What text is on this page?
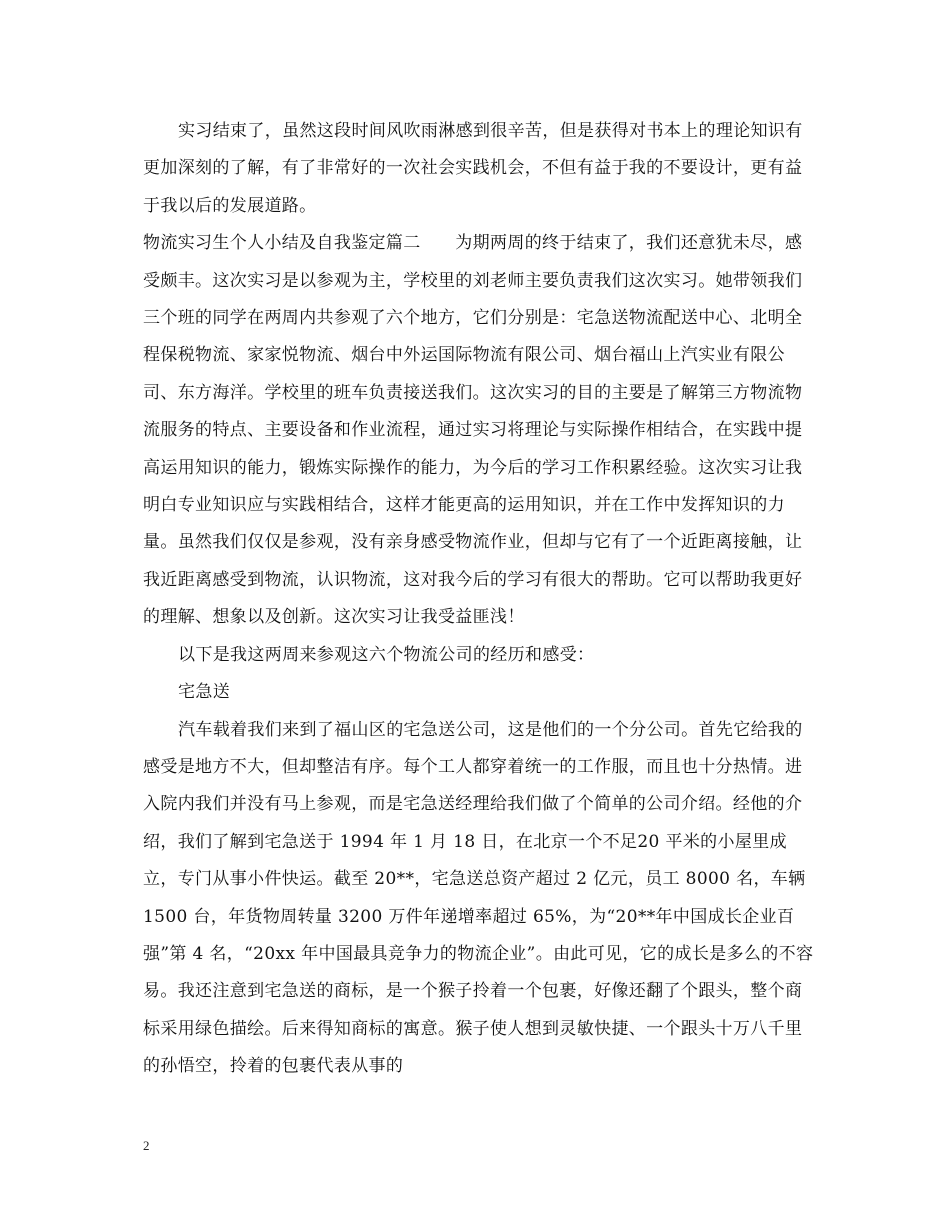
实习结束了，虽然这段时间风吹雨淋感到很辛苦，但是获得对书本上的理论知识有更加深刻的了解，有了非常好的一次社会实践机会，不但有益于我的不要设计，更有益于我以后的发展道路。

物流实习生个人小结及自我鉴定篇二　　为期两周的终于结束了，我们还意犹未尽，感受颇丰。这次实习是以参观为主，学校里的刘老师主要负责我们这次实习。她带领我们三个班的同学在两周内共参观了六个地方，它们分别是：宅急送物流配送中心、北明全程保税物流、家家悦物流、烟台中外运国际物流有限公司、烟台福山上汽实业有限公司、东方海洋。学校里的班车负责接送我们。这次实习的目的主要是了解第三方物流物流服务的特点、主要设备和作业流程，通过实习将理论与实际操作相结合，在实践中提高运用知识的能力，锻炼实际操作的能力，为今后的学习工作积累经验。这次实习让我明白专业知识应与实践相结合，这样才能更高的运用知识，并在工作中发挥知识的力量。虽然我们仅仅是参观，没有亲身感受物流作业，但却与它有了一个近距离接触，让我近距离感受到物流，认识物流，这对我今后的学习有很大的帮助。它可以帮助我更好的理解、想象以及创新。这次实习让我受益匪浅！

以下是我这两周来参观这六个物流公司的经历和感受：

宅急送

汽车载着我们来到了福山区的宅急送公司，这是他们的一个分公司。首先它给我的感受是地方不大，但却整洁有序。每个工人都穿着统一的工作服，而且也十分热情。进入院内我们并没有马上参观，而是宅急送经理给我们做了个简单的公司介绍。经他的介绍，我们了解到宅急送于 1994 年 1 月 18 日，在北京一个不足20 平米的小屋里成立，专门从事小件快运。截至 20**，宅急送总资产超过 2 亿元，员工 8000 名，车辆 1500 台，年货物周转量 3200 万件年递增率超过 65%，为“20**年中国成长企业百强”第 4 名，“20xx 年中国最具竞争力的物流企业”。由此可见，它的成长是多么的不容易。我还注意到宅急送的商标，是一个猴子拎着一个包裹，好像还翻了个跟头，整个商标采用绿色描绘。后来得知商标的寓意。猴子使人想到灵敏快捷、一个跟头十万八千里的孙悟空，拎着的包裹代表从事的

2
